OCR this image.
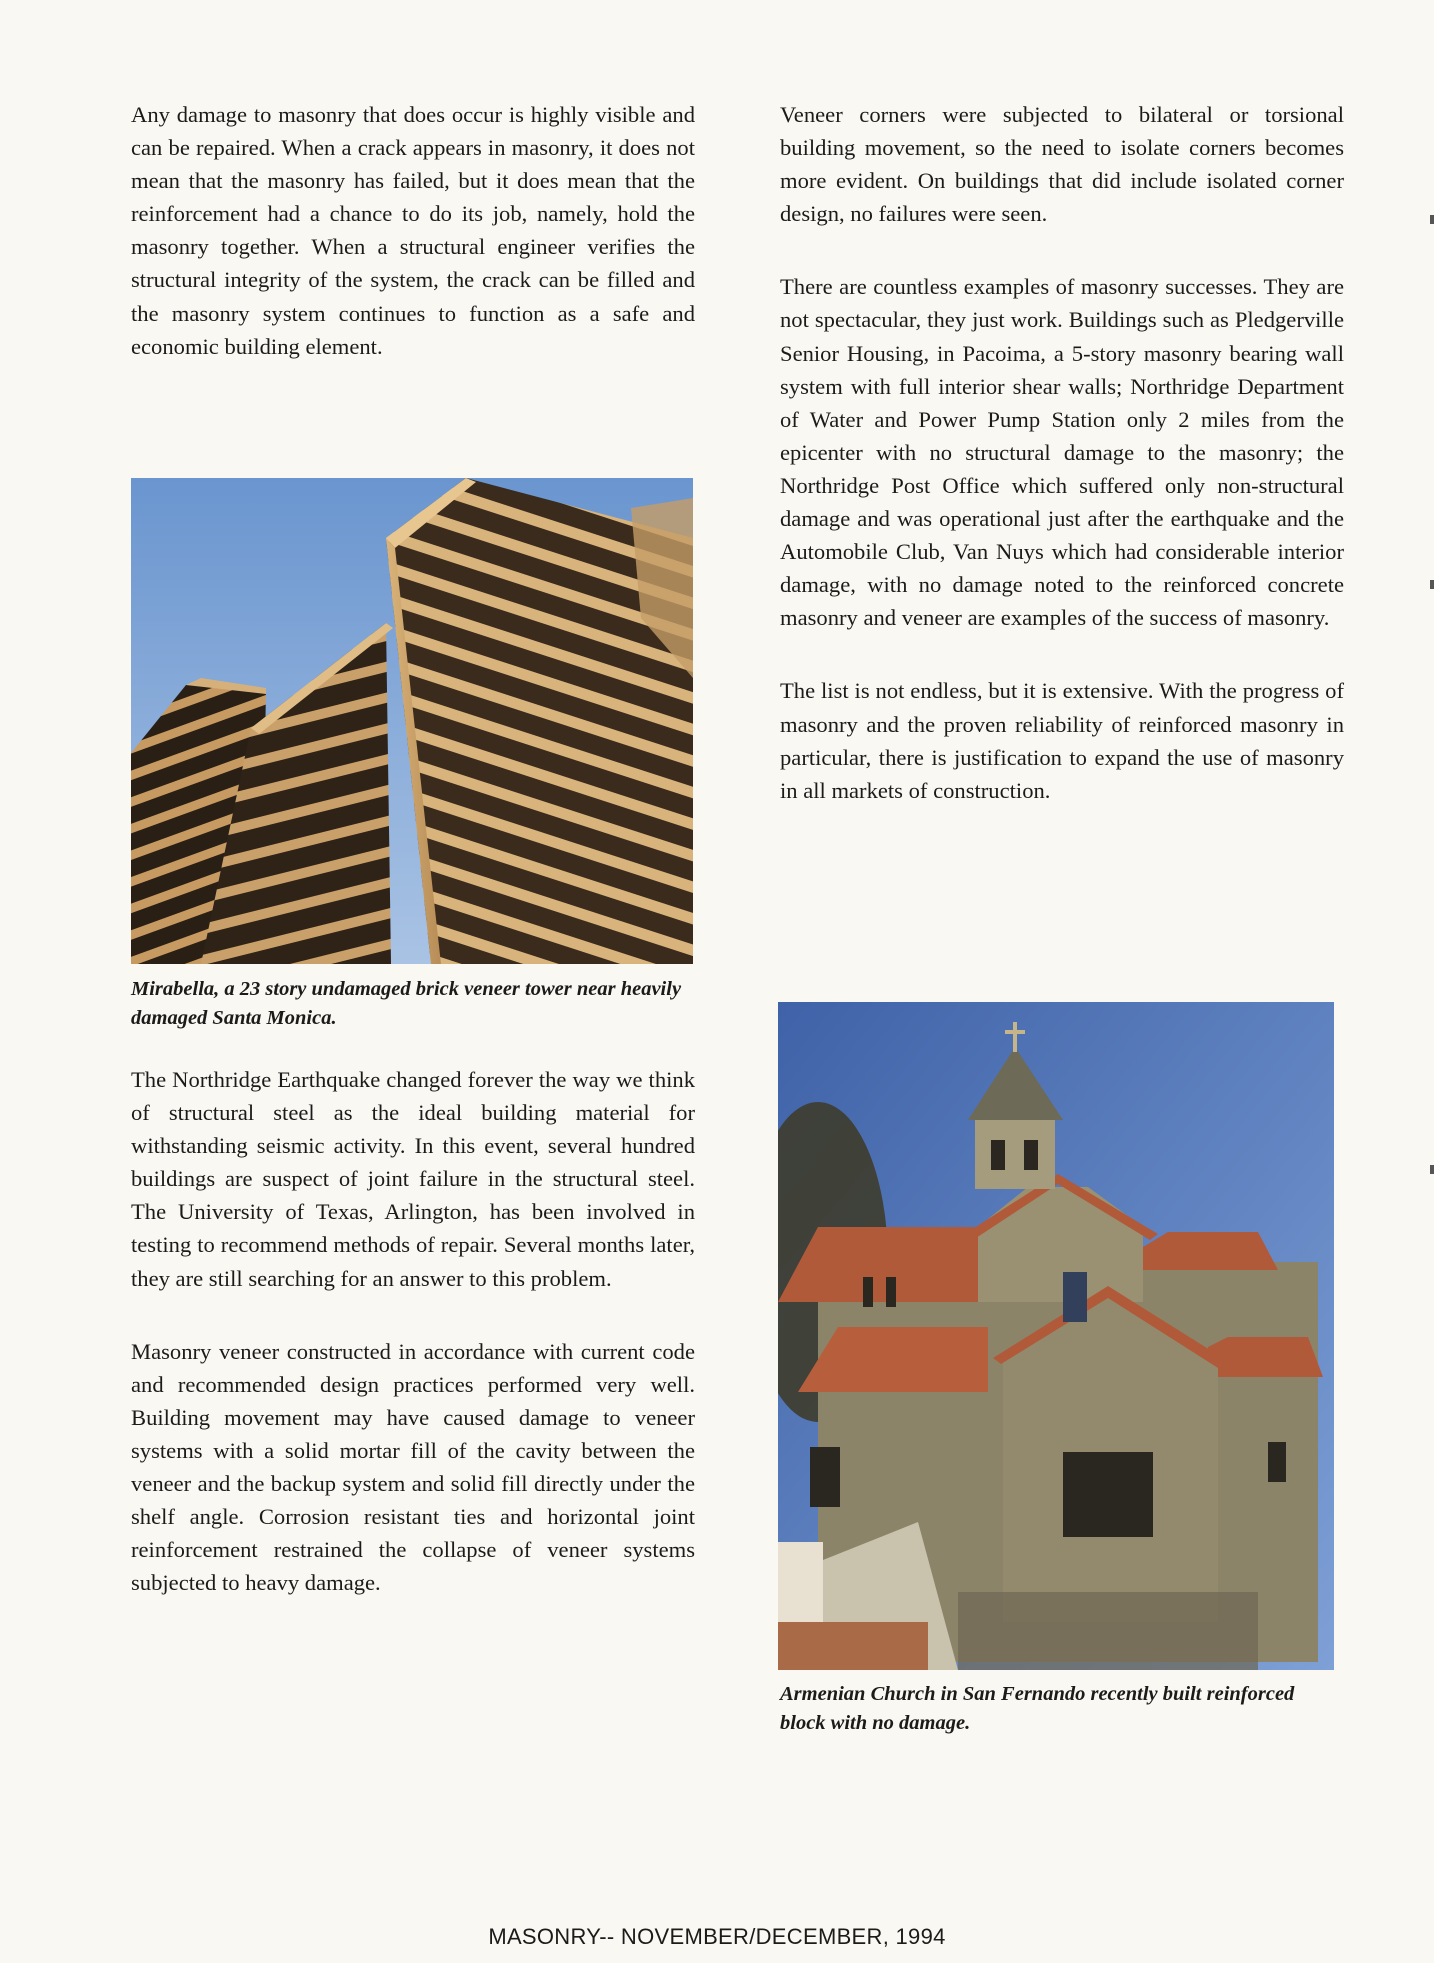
Any damage to masonry that does occur is highly visible and can be repaired. When a crack appears in masonry, it does not mean that the masonry has failed, but it does mean that the reinforcement had a chance to do its job, namely, hold the masonry together. When a structural engineer verifies the structural integrity of the system, the crack can be filled and the masonry system continues to function as a safe and economic building element.

Mirabella, a 23 story undamaged brick veneer tower near heavily damaged Santa Monica.

The Northridge Earthquake changed forever the way we think of structural steel as the ideal building material for withstanding seismic activity. In this event, several hundred buildings are suspect of joint failure in the structural steel. The University of Texas, Arlington, has been involved in testing to recommend methods of repair. Several months later, they are still searching for an answer to this problem.

Masonry veneer constructed in accordance with current code and recommended design practices performed very well. Building movement may have caused damage to veneer systems with a solid mortar fill of the cavity between the veneer and the backup system and solid fill directly under the shelf angle. Corrosion resistant ties and horizontal joint reinforcement restrained the collapse of veneer systems subjected to heavy damage.

Veneer corners were subjected to bilateral or torsional building movement, so the need to isolate corners becomes more evident. On buildings that did include isolated corner design, no failures were seen.

There are countless examples of masonry successes. They are not spectacular, they just work. Buildings such as Pledgerville Senior Housing, in Pacoima, a 5-story masonry bearing wall system with full interior shear walls; Northridge Department of Water and Power Pump Station only 2 miles from the epicenter with no structural damage to the masonry; the Northridge Post Office which suffered only non-structural damage and was operational just after the earthquake and the Automobile Club, Van Nuys which had considerable interior damage, with no damage noted to the reinforced concrete masonry and veneer are examples of the success of masonry.

The list is not endless, but it is extensive. With the progress of masonry and the proven reliability of reinforced masonry in particular, there is justification to expand the use of masonry in all markets of construction.

Armenian Church in San Fernando recently built reinforced block with no damage.
MASONRY-- NOVEMBER/DECEMBER, 1994
